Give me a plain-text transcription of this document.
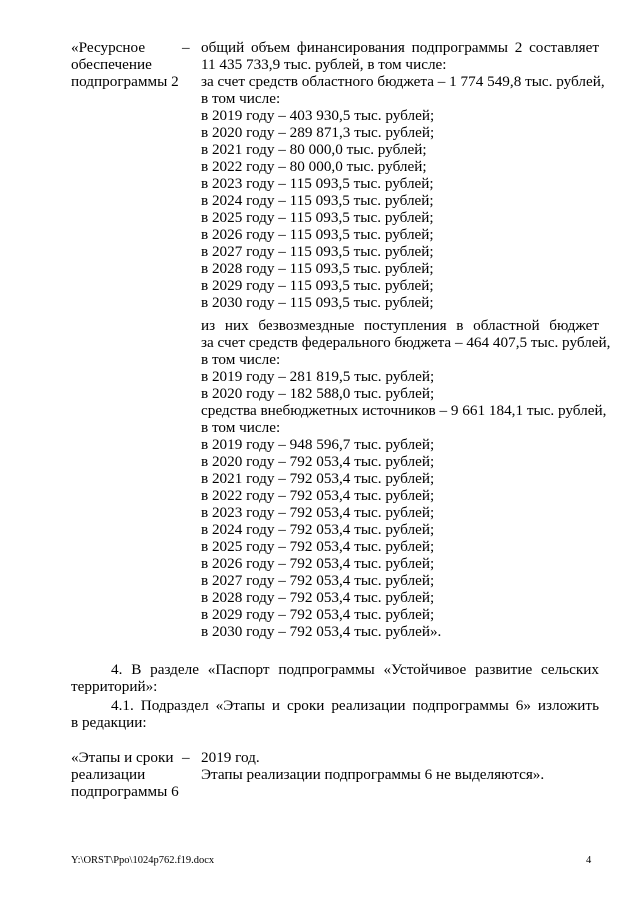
«Ресурсное
обеспечение
подпрограммы 2
– общий объем финансирования подпрограммы 2 составляет
11 435 733,9 тыс. рублей, в том числе:
за счет средств областного бюджета – 1 774 549,8 тыс. рублей,
в том числе:
в 2019 году – 403 930,5 тыс. рублей;
в 2020 году – 289 871,3 тыс. рублей;
в 2021 году – 80 000,0 тыс. рублей;
в 2022 году – 80 000,0 тыс. рублей;
в 2023 году – 115 093,5 тыс. рублей;
в 2024 году – 115 093,5 тыс. рублей;
в 2025 году – 115 093,5 тыс. рублей;
в 2026 году – 115 093,5 тыс. рублей;
в 2027 году – 115 093,5 тыс. рублей;
в 2028 году – 115 093,5 тыс. рублей;
в 2029 году – 115 093,5 тыс. рублей;
в 2030 году – 115 093,5 тыс. рублей;
из них безвозмездные поступления в областной бюджет
за счет средств федерального бюджета – 464 407,5 тыс. рублей,
в том числе:
в 2019 году – 281 819,5 тыс. рублей;
в 2020 году – 182 588,0 тыс. рублей;
средства внебюджетных источников – 9 661 184,1 тыс. рублей,
в том числе:
в 2019 году – 948 596,7 тыс. рублей;
в 2020 году – 792 053,4 тыс. рублей;
в 2021 году – 792 053,4 тыс. рублей;
в 2022 году – 792 053,4 тыс. рублей;
в 2023 году – 792 053,4 тыс. рублей;
в 2024 году – 792 053,4 тыс. рублей;
в 2025 году – 792 053,4 тыс. рублей;
в 2026 году – 792 053,4 тыс. рублей;
в 2027 году – 792 053,4 тыс. рублей;
в 2028 году – 792 053,4 тыс. рублей;
в 2029 году – 792 053,4 тыс. рублей;
в 2030 году – 792 053,4 тыс. рублей».
4. В разделе «Паспорт подпрограммы «Устойчивое развитие сельских
территорий»:
4.1. Подраздел «Этапы и сроки реализации подпрограммы 6» изложить
в редакции:
«Этапы и сроки
реализации
подпрограммы 6
– 2019 год.
Этапы реализации подпрограммы 6 не выделяются».
Y:\ORST\Ppo\1024p762.f19.docx	4
